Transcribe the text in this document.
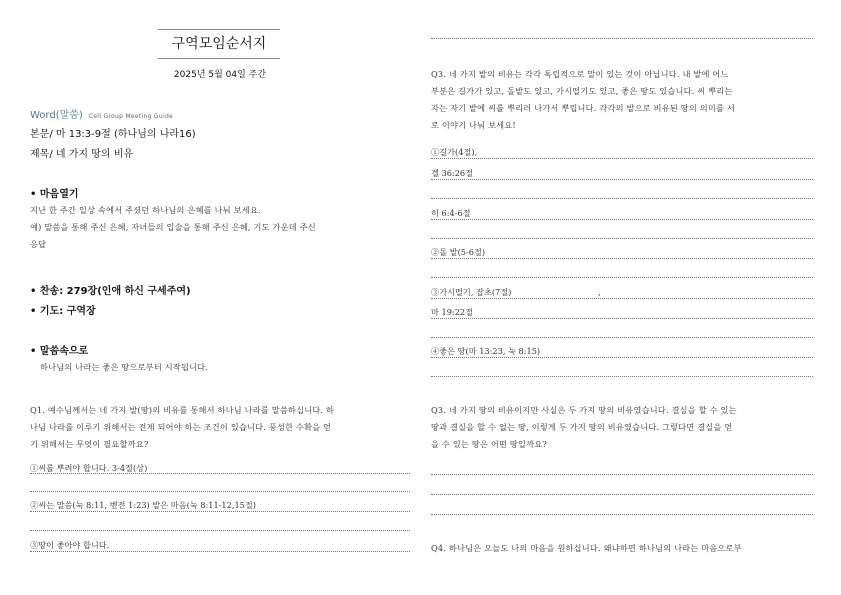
구역모임순서지
2025년 5월 04일 주간
Word(말씀) Cell Group Meeting Guide
본문/ 마 13:3-9절 (하나님의 나라16)
제목/ 네 가지 땅의 비유
• 마음열기
지난 한 주간 일상 속에서 주셨던 하나님의 은혜를 나눠 보세요.
예) 말씀을 통해 주신 은혜, 자녀들의 입술을 통해 주신 은혜, 기도 가운데 주신
응답
• 찬송: 279장(인애 하신 구세주여)
• 기도: 구역장
• 말씀속으로
하나님의 나라는 좋은 땅으로부터 시작됩니다.
Q1. 예수님께서는 네 가지 밭(땅)의 비유를 통해서 하나님 나라를 말씀하십니다. 하
나님 나라를 이루기 위해서는 전제 되어야 하는 조건이 있습니다. 풍성한 수확을 얻
기 위해서는 무엇이 필요할까요?
①씨를 뿌려야 합니다. 3-4절(상)
②씨는 말씀(눅 8:11, 벧전 1:23) 밭은 마음(눅 8:11-12,15절)
③땅이 좋아야 합니다.
Q3. 네 가지 밭의 비유는 각각 독립적으로 말이 있는 것이 아닙니다. 내 밭에 어느
부분은 길가가 있고, 돌밭도 있고, 가시떨기도 있고, 좋은 땅도 있습니다. 씨 뿌리는
자는 자기 밭에 씨를 뿌리러 나가서 뿌립니다. 각각의 밭으로 비유된 땅의 의미를 서
로 이야기 나눠 보세요!
①길가(4절),
겔 36:26절
히 6:4-6절
②돌 밭(5-6절)
③가시떨기, 잡초(7절)	,
마 19:22절
④좋은 땅(마 13:23, 눅 8:15)
Q3. 네 가지 땅의 비유이지만 사실은 두 가지 땅의 비유였습니다. 결실을 할 수 있는
땅과 결실을 할 수 없는 땅, 이렇게 두 가지 땅의 비유였습니다. 그렇다면 결실을 얻
을 수 있는 땅은 어떤 땅일까요?
Q4. 하나님은 오늘도 나의 마음을 원하십니다. 왜냐하면 하나님의 나라는 마음으로부
